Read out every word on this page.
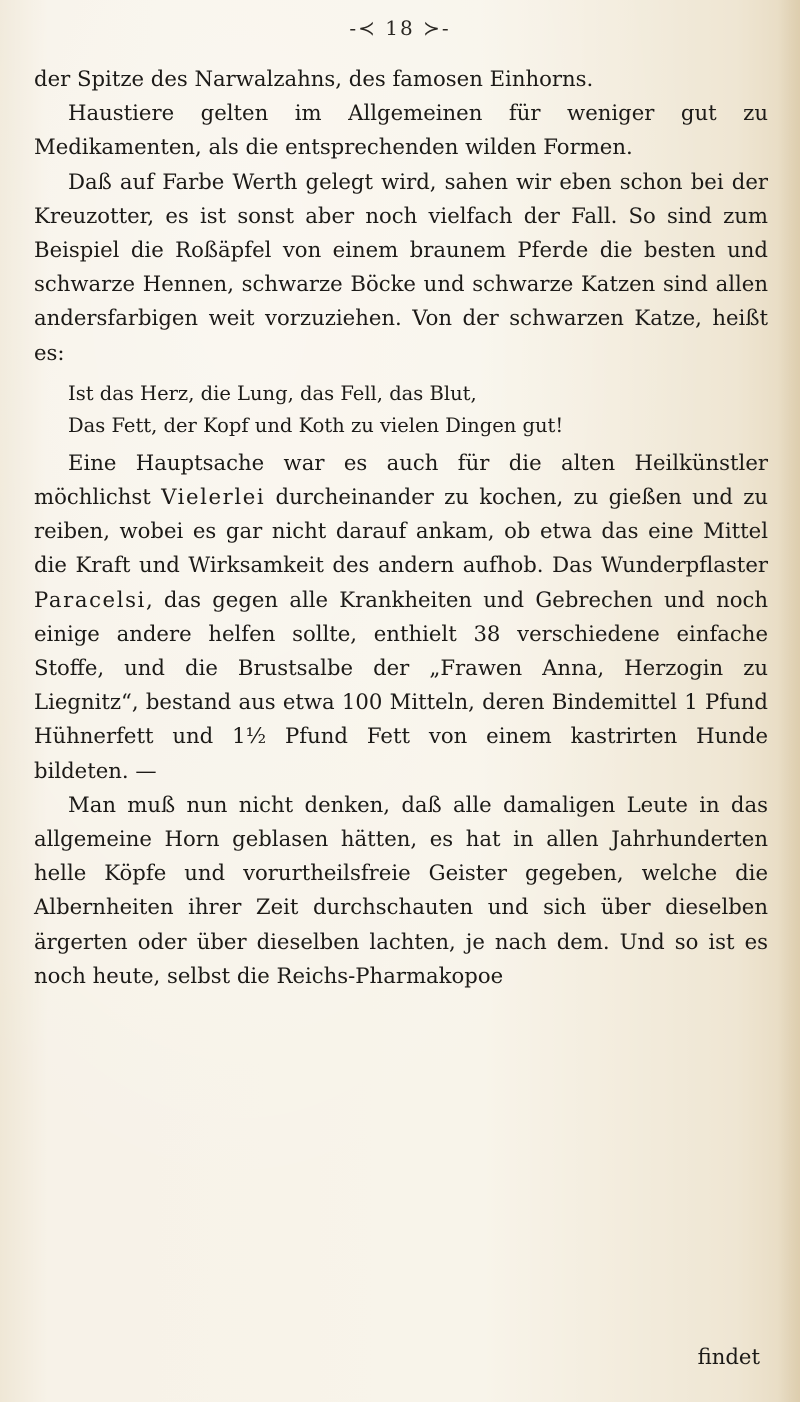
-≺ 18 ≻-

der Spitze des Narwalzahns, des famosen Einhorns.

Haustiere gelten im Allgemeinen für weniger gut zu Medikamenten, als die entsprechenden wilden Formen.

Daß auf Farbe Werth gelegt wird, sahen wir eben schon bei der Kreuzotter, es ist sonst aber noch vielfach der Fall. So sind zum Beispiel die Roßäpfel von einem braunem Pferde die besten und schwarze Hennen, schwarze Böcke und schwarze Katzen sind allen andersfarbigen weit vorzuziehen. Von der schwarzen Katze, heißt es:

Ist das Herz, die Lung, das Fell, das Blut,
Das Fett, der Kopf und Koth zu vielen Dingen gut!

Eine Hauptsache war es auch für die alten Heilkünstler möchlichst Vielerlei durcheinander zu kochen, zu gießen und zu reiben, wobei es gar nicht darauf ankam, ob etwa das eine Mittel die Kraft und Wirksamkeit des andern aufhob. Das Wunderpflaster Paracelsi, das gegen alle Krankheiten und Gebrechen und noch einige andere helfen sollte, enthielt 38 verschiedene einfache Stoffe, und die Brustsalbe der „Frawen Anna, Herzogin zu Liegnitz“, bestand aus etwa 100 Mitteln, deren Bindemittel 1 Pfund Hühnerfett und 1½ Pfund Fett von einem kastrirten Hunde bildeten. —

Man muß nun nicht denken, daß alle damaligen Leute in das allgemeine Horn geblasen hätten, es hat in allen Jahrhunderten helle Köpfe und vorurtheilsfreie Geister gegeben, welche die Albernheiten ihrer Zeit durchschauten und sich über dieselben ärgerten oder über dieselben lachten, je nach dem. Und so ist es noch heute, selbst die Reichs-Pharmakopoe

findet
